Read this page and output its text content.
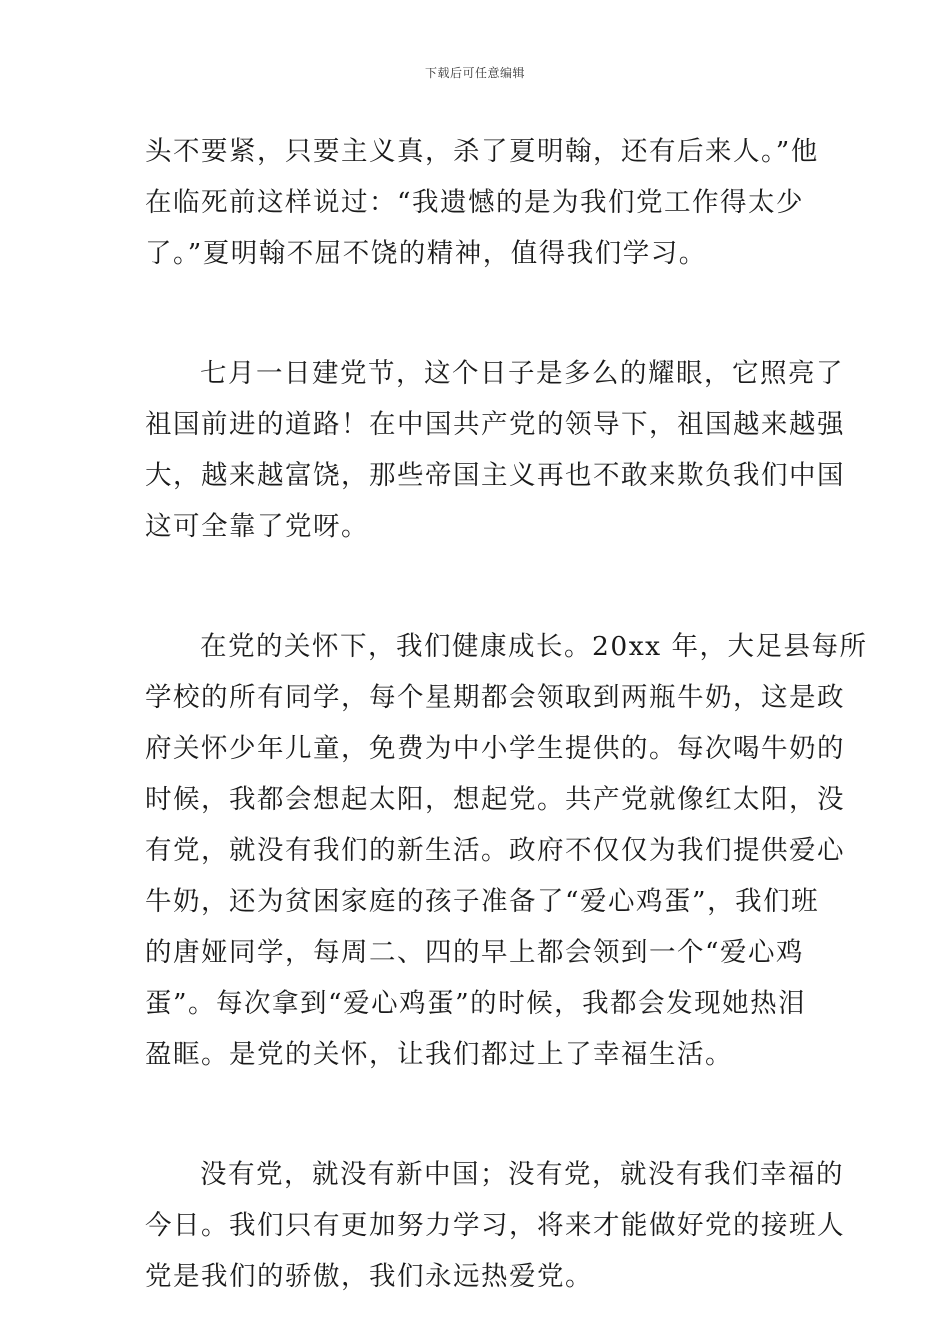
下载后可任意编辑
头不要紧，只要主义真，杀了夏明翰，还有后来人。”他
在临死前这样说过：“我遗憾的是为我们党工作得太少
了。”夏明翰不屈不饶的精神，值得我们学习。
七月一日建党节，这个日子是多么的耀眼，它照亮了
祖国前进的道路！在中国共产党的领导下，祖国越来越强
大，越来越富饶，那些帝国主义再也不敢来欺负我们中国
这可全靠了党呀。
在党的关怀下，我们健康成长。20xx 年，大足县每所
学校的所有同学，每个星期都会领取到两瓶牛奶，这是政
府关怀少年儿童，免费为中小学生提供的。每次喝牛奶的
时候，我都会想起太阳，想起党。共产党就像红太阳，没
有党，就没有我们的新生活。政府不仅仅为我们提供爱心
牛奶，还为贫困家庭的孩子准备了“爱心鸡蛋”，我们班
的唐娅同学，每周二、四的早上都会领到一个“爱心鸡
蛋”。每次拿到“爱心鸡蛋”的时候，我都会发现她热泪
盈眶。是党的关怀，让我们都过上了幸福生活。
没有党，就没有新中国；没有党，就没有我们幸福的
今日。我们只有更加努力学习，将来才能做好党的接班人
党是我们的骄傲，我们永远热爱党。
